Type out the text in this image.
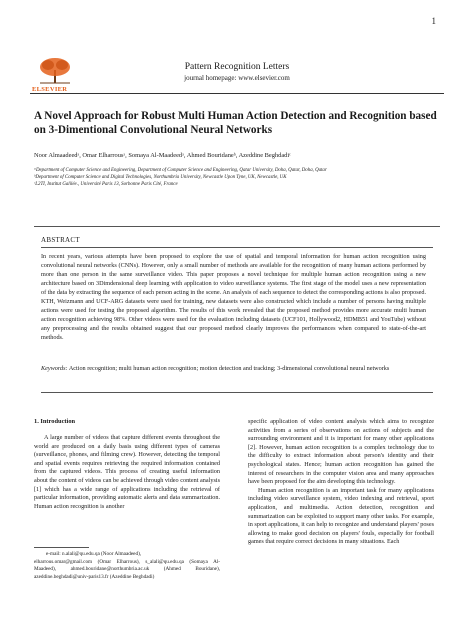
1
ELSEVIER
Pattern Recognition Letters
journal homepage: www.elsevier.com
A Novel Approach for Robust Multi Human Action Detection and Recognition based on 3-Dimentional Convolutional Neural Networks
Noor Almaadeedᵃ, Omar Elharrousᵃ, Somaya Al-Maadeedᵃ, Ahmed Bouridaneᵇ, Azeddine Beghdadiᶜ
ᵃDepartment of Computer Science and Engineering, Department of Computer Science and Engineering, Qatar University, Doha, Qatar, Doha, Qatar
ᵇDepartment of Computer Science and Digital Technologies, Northumbria University, Newcastle Upon Tyne, UK, Newcastle, UK
ᶜL2TI, Institut Galilée., Université Paris 13, Sorbonne Paris Cité, France
ABSTRACT
In recent years, various attempts have been proposed to explore the use of spatial and temporal information for human action recognition using convolutional neural networks (CNNs). However, only a small number of methods are available for the recognition of many human actions performed by more than one person in the same surveillance video. This paper proposes a novel technique for multiple human action recognition using a new architecture based on 3Dimdensional deep learning with application to video surveillance systems. The first stage of the model uses a new representation of the data by extracting the sequence of each person acting in the scene. An analysis of each sequence to detect the corresponding actions is also proposed. KTH, Weizmann and UCF-ARG datasets were used for training, new datasets were also constructed which include a number of persons having multiple actions were used for testing the proposed algorithm. The results of this work revealed that the proposed method provides more accurate multi human action recognition achieving 98%. Other videos were used for the evaluation including datasets (UCF101, Hollywood2, HDMB51 and YouTube) without any preprocessing and the results obtained suggest that our proposed method clearly improves the performances when compared to state-of-the-art methods.
Keywords: Action recognition; multi human action recognition; motion detection and tracking; 3-dimensional convolutional neural networks
1. Introduction

A large number of videos that capture different events throughout the world are produced on a daily basis using different types of cameras (surveillance, phones, and filming crew). However, detecting the temporal and spatial events requires retrieving the required information contained from the captured videos. This process of creating useful information about the content of videos can be achieved through video content analysis [1] which has a wide range of applications including the retrieval of particular information, providing automatic alerts and data summarization. Human action recognition is another

specific application of video content analysis which aims to recognize activities from a series of observations on actions of subjects and the surrounding environment and it is important for many other applications [2]. However, human action recognition is a complex technology due to the difficulty to extract information about person's identity and their psychological states. Hence; human action recognition has gained the interest of researchers in the computer vision area and many approaches have been proposed for the aim developing this technology.

Human action recognition is an important task for many applications including video surveillance system, video indexing and retrieval, sport application, and multimedia. Action detection, recognition and summarization can be exploited to support many other tasks. For example, in sport applications, it can help to recognize and understand players' poses allowing to make good decision on players' fouls, especially for football games that require correct decisions in many situations. Each

e-mail: n.alali@qu.edu.qa (Noor Almaadeed),
elharrous.omar@gmail.com (Omar Elharrous), s_alali@qu.edu.qa (Somaya Al-Maadeed), ahmed.bouridane@northumbria.ac.uk (Ahmed Bouridane), azeddine.beghdadi@univ-paris13.fr (Azeddine Beghdadi)
